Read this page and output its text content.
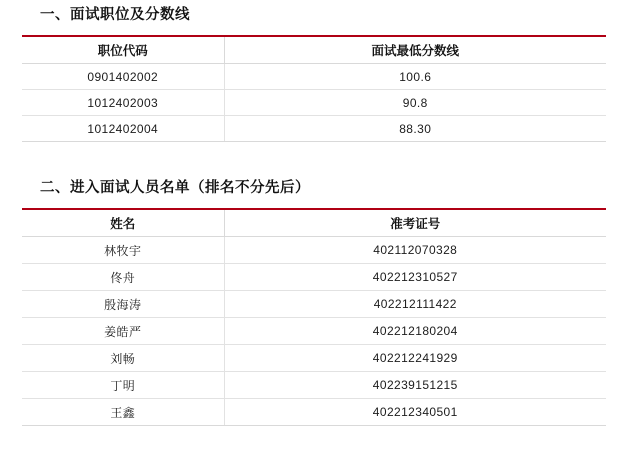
一、面试职位及分数线
职位代码	面试最低分数线
0901402002	100.6
1012402003	90.8
1012402004	88.30
二、进入面试人员名单（排名不分先后）
姓名	准考证号
林牧宇	402112070328
佟舟	402212310527
殷海涛	402212111422
姜皓严	402212180204
刘畅	402212241929
丁明	402239151215
王鑫	402212340501
